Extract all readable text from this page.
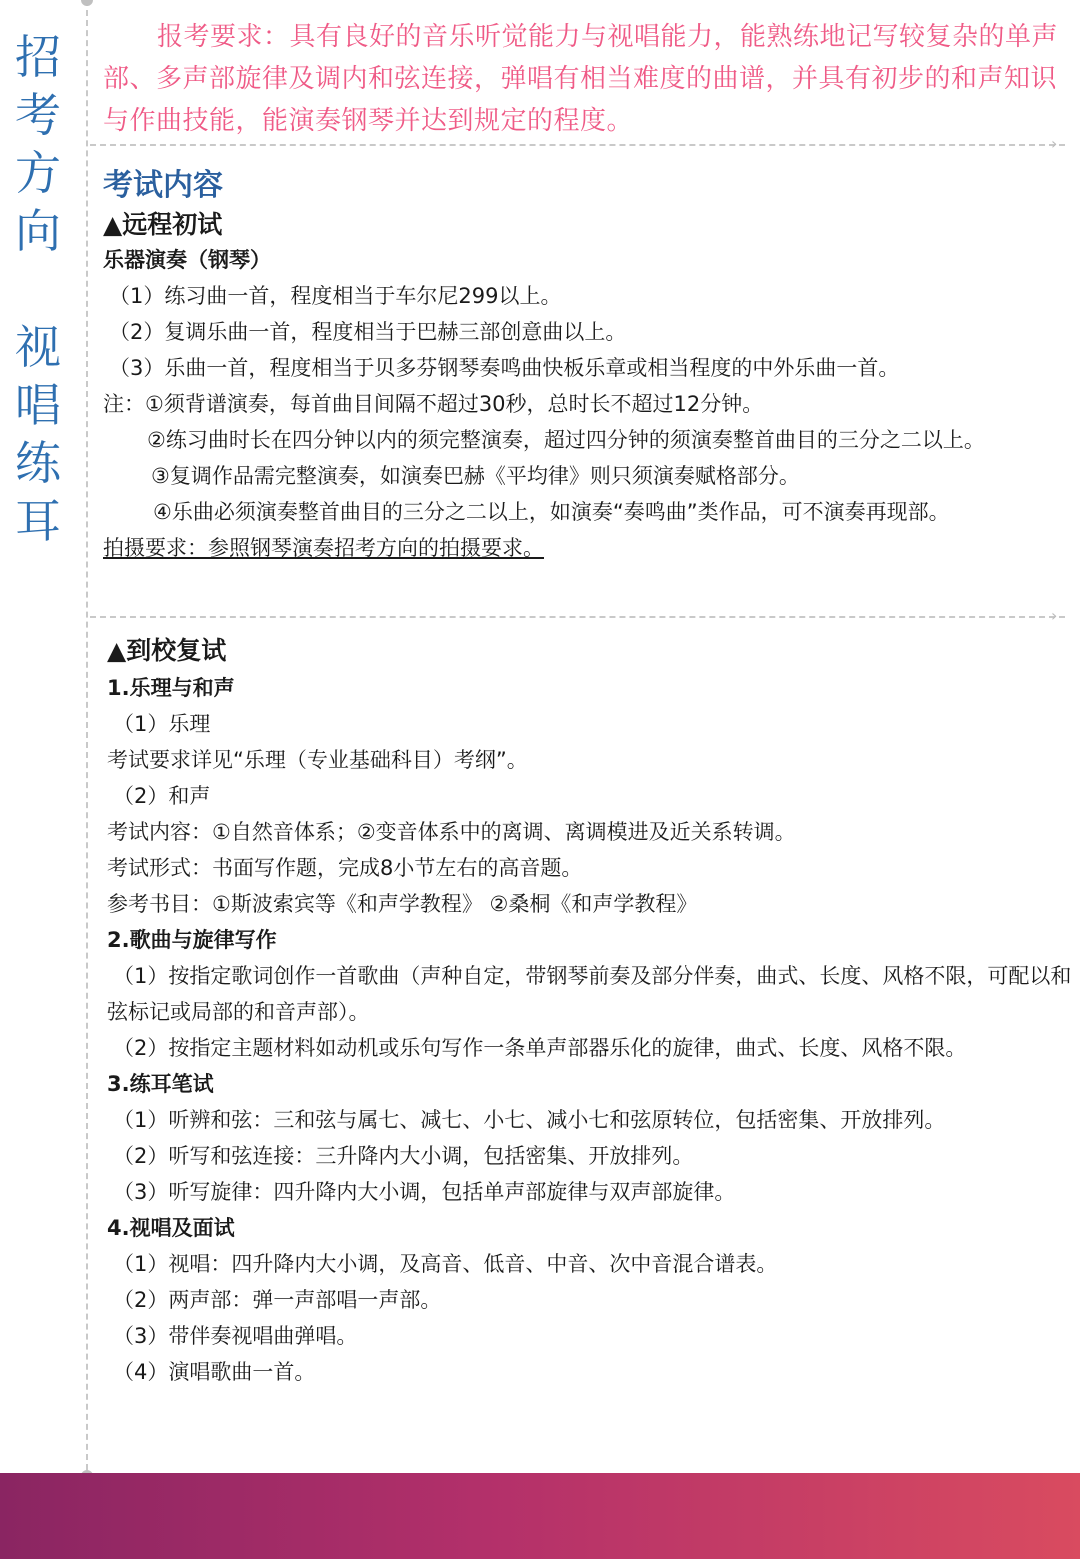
招
考
方
向
视
唱
练
耳

报考要求：具有良好的音乐听觉能力与视唱能力，能熟练地记写较复杂的单声部、多声部旋律及调内和弦连接，弹唱有相当难度的曲谱，并具有初步的和声知识与作曲技能，能演奏钢琴并达到规定的程度。

›
考试内容

▲远程初试

乐器演奏（钢琴）

（1）练习曲一首，程度相当于车尔尼299以上。

（2）复调乐曲一首，程度相当于巴赫三部创意曲以上。

（3）乐曲一首，程度相当于贝多芬钢琴奏鸣曲快板乐章或相当程度的中外乐曲一首。

注：①须背谱演奏，每首曲目间隔不超过30秒，总时长不超过12分钟。

②练习曲时长在四分钟以内的须完整演奏，超过四分钟的须演奏整首曲目的三分之二以上。

③复调作品需完整演奏，如演奏巴赫《平均律》则只须演奏赋格部分。

④乐曲必须演奏整首曲目的三分之二以上，如演奏“奏鸣曲”类作品，可不演奏再现部。

拍摄要求：参照钢琴演奏招考方向的拍摄要求。

›

▲到校复试

1.乐理与和声

（1）乐理

考试要求详见“乐理（专业基础科目）考纲”。

（2）和声

考试内容：①自然音体系；②变音体系中的离调、离调模进及近关系转调。

考试形式：书面写作题，完成8小节左右的高音题。

参考书目：①斯波索宾等《和声学教程》 ②桑桐《和声学教程》

2.歌曲与旋律写作

（1）按指定歌词创作一首歌曲（声种自定，带钢琴前奏及部分伴奏，曲式、长度、风格不限，可配以和弦标记或局部的和音声部）。

（2）按指定主题材料如动机或乐句写作一条单声部器乐化的旋律，曲式、长度、风格不限。

3.练耳笔试

（1）听辨和弦：三和弦与属七、减七、小七、减小七和弦原转位，包括密集、开放排列。

（2）听写和弦连接：三升降内大小调，包括密集、开放排列。

（3）听写旋律：四升降内大小调，包括单声部旋律与双声部旋律。

4.视唱及面试

（1）视唱：四升降内大小调，及高音、低音、中音、次中音混合谱表。

（2）两声部：弹一声部唱一声部。

（3）带伴奏视唱曲弹唱。

（4）演唱歌曲一首。
